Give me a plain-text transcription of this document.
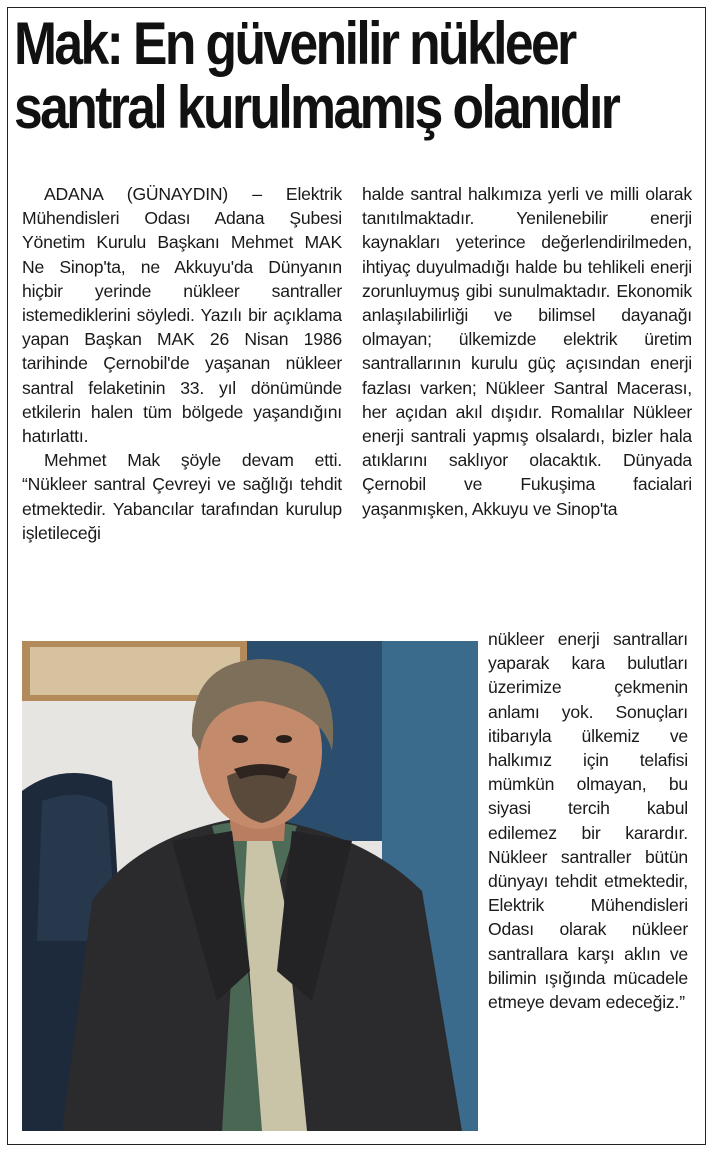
Mak: En güvenilir nükleer
santral kurulmamış olanıdır

ADANA (GÜNAYDIN) – Elektrik Mühendisleri Odası Adana Şubesi Yönetim Kurulu Başkanı Mehmet MAK Ne Sinop'ta, ne Akkuyu'da Dünyanın hiçbir yerinde nükleer santraller istemediklerini söyledi. Yazılı bir açıklama yapan Başkan MAK 26 Nisan 1986 tarihinde Çernobil'de yaşanan nükleer santral felaketinin 33. yıl dönümünde etkilerin halen tüm bölgede yaşandığını hatırlattı.

Mehmet Mak şöyle devam etti. “Nükleer santral Çevreyi ve sağlığı tehdit etmektedir. Yabancılar tarafından kurulup işletileceği

halde santral halkımıza yerli ve milli olarak tanıtılmaktadır. Yenilenebilir enerji kaynakları yeterince değerlendirilmeden, ihtiyaç duyulmadığı halde bu tehlikeli enerji zorunluymuş gibi sunulmaktadır. Ekonomik anlaşılabilirliği ve bilimsel dayanağı olmayan; ülkemizde elektrik üretim santrallarının kurulu güç açısından enerji fazlası varken; Nükleer Santral Macerası, her açıdan akıl dışıdır. Romalılar Nükleer enerji santrali yapmış olsalardı, bizler hala atıklarını saklıyor olacaktık. Dünyada Çernobil ve Fukuşima facialari yaşanmışken, Akkuyu ve Sinop'ta

nükleer enerji santralları yaparak kara bulutları üzerimize çekmenin anlamı yok. Sonuçları itibarıyla ülkemiz ve halkımız için telafisi mümkün olmayan, bu siyasi tercih kabul edilemez bir karardır. Nükleer santraller bütün dünyayı tehdit etmektedir, Elektrik Mühendisleri Odası olarak nükleer santrallara karşı aklın ve bilimin ışığında mücadele etmeye devam edeceğiz.”
